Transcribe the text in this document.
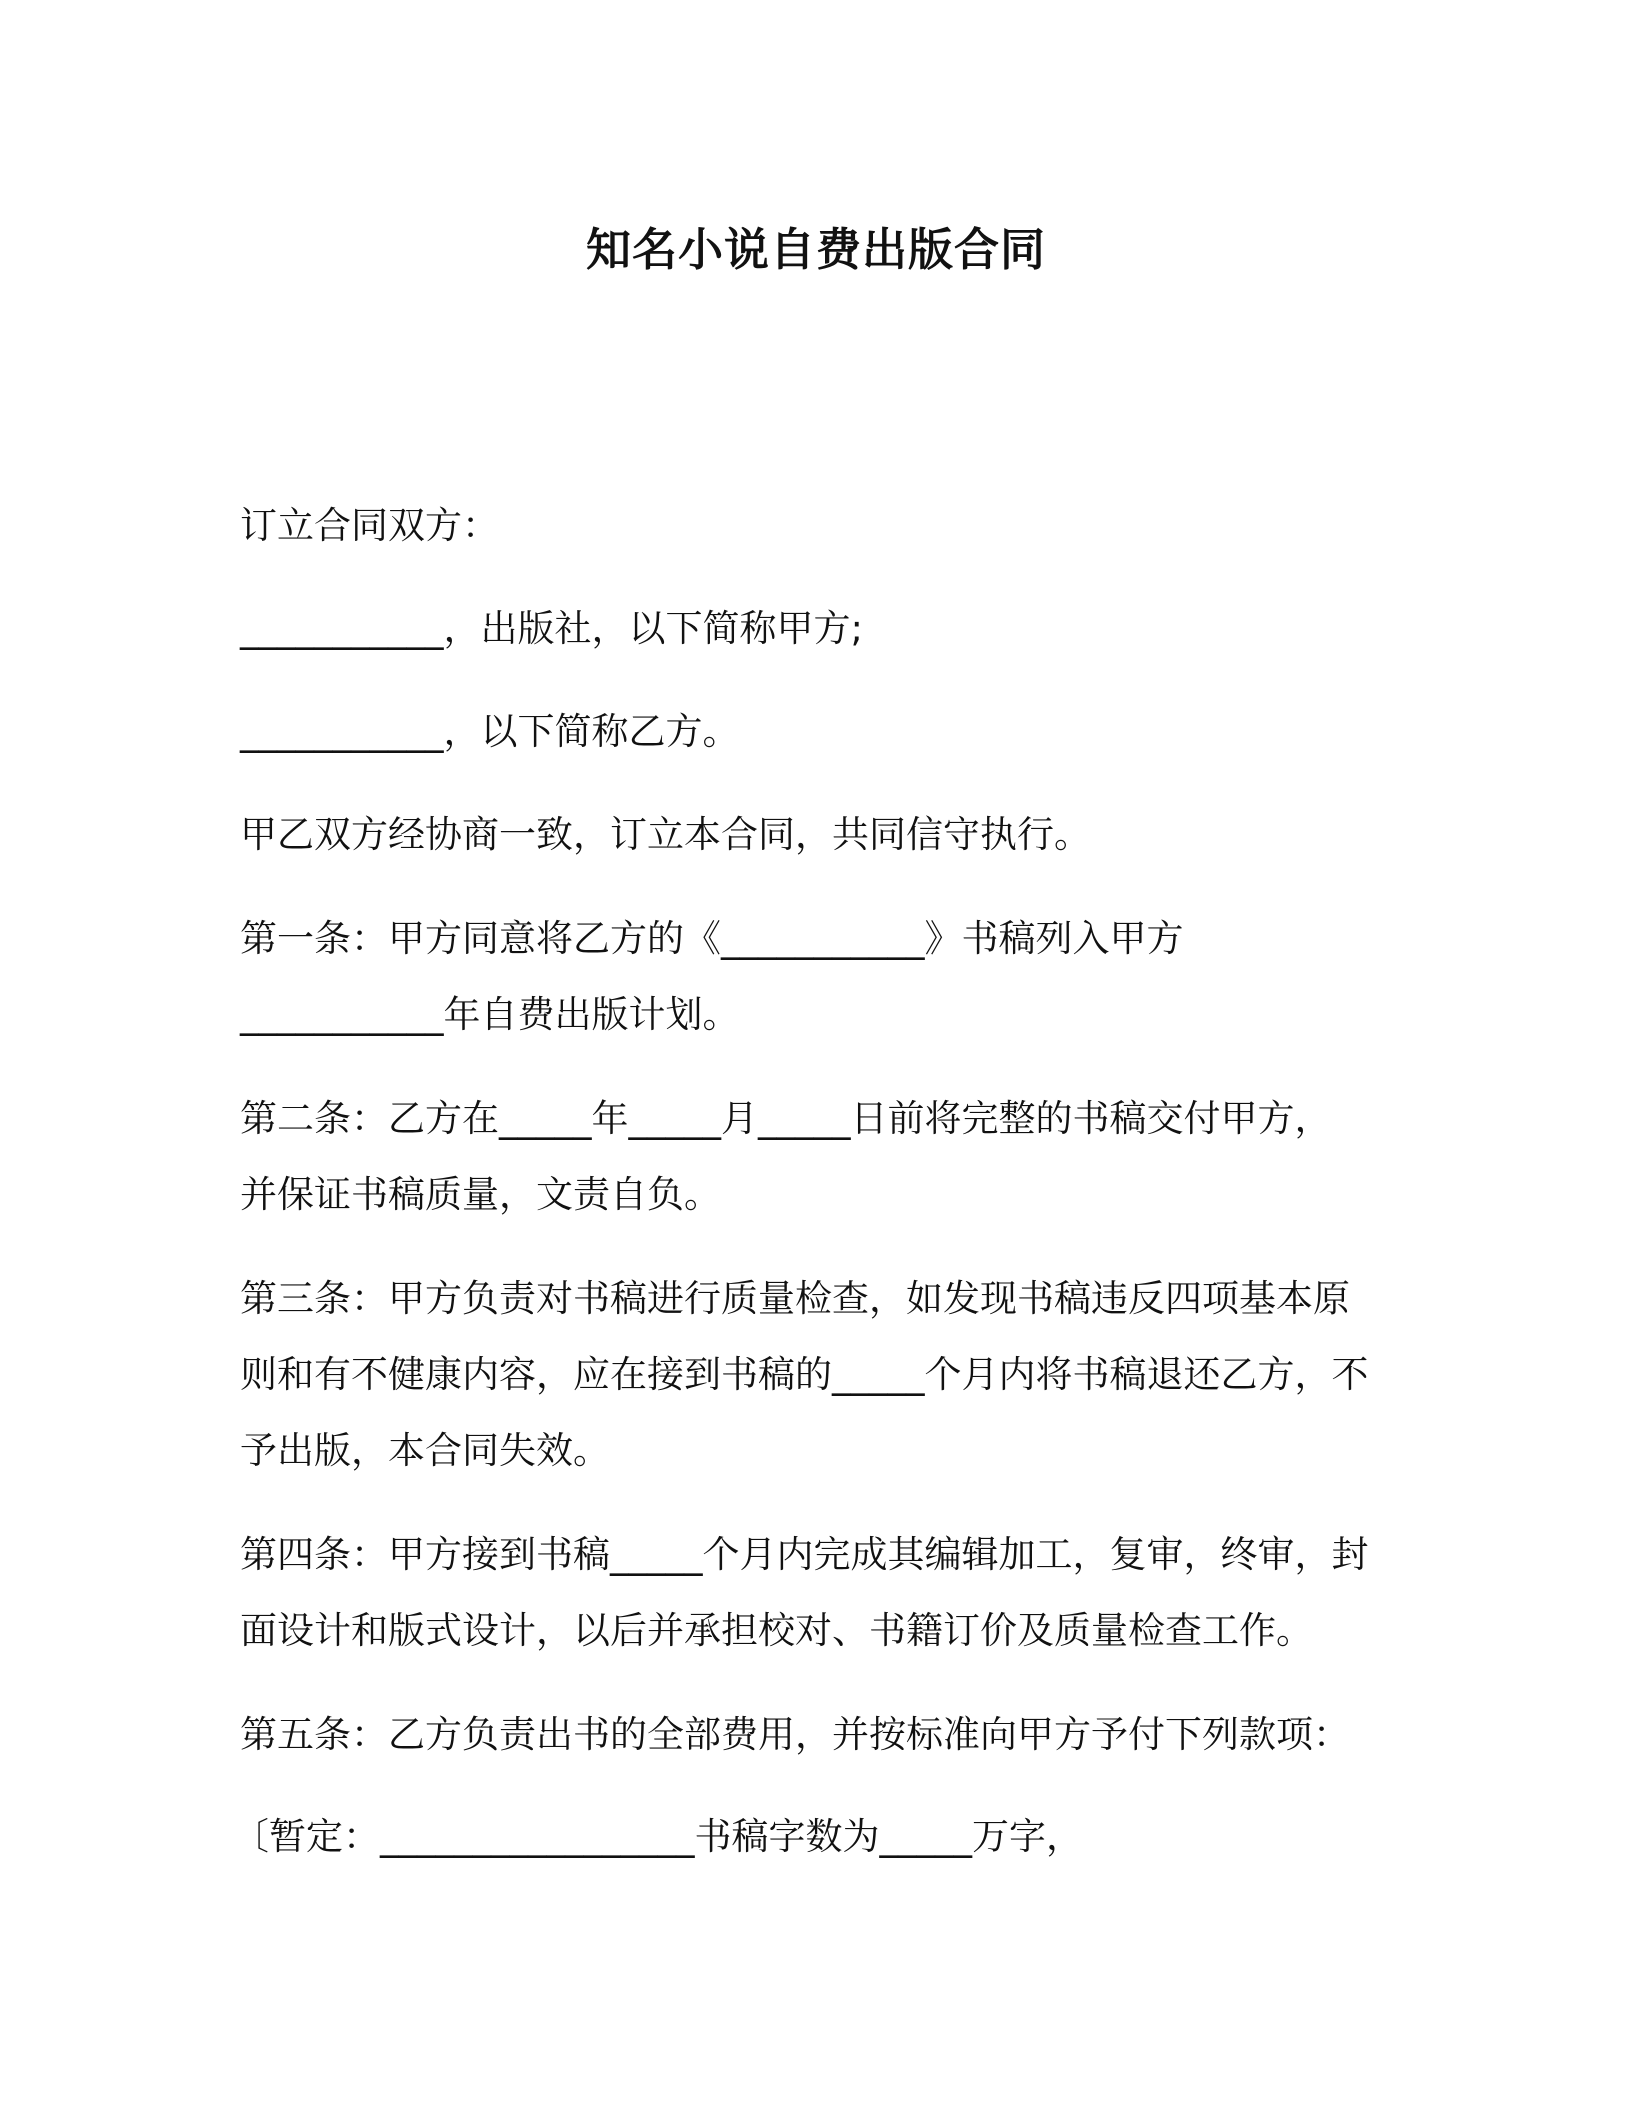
知名小说自费出版合同
订立合同双方：
___________，出版社，以下简称甲方;
___________，以下简称乙方。
甲乙双方经协商一致，订立本合同，共同信守执行。
第一条：甲方同意将乙方的《___________》书稿列入甲方
___________年自费出版计划。
第二条：乙方在_____年_____月_____日前将完整的书稿交付甲方，
并保证书稿质量，文责自负。
第三条：甲方负责对书稿进行质量检查，如发现书稿违反四项基本原
则和有不健康内容，应在接到书稿的_____个月内将书稿退还乙方，不
予出版，本合同失效。
第四条：甲方接到书稿_____个月内完成其编辑加工，复审，终审，封
面设计和版式设计，以后并承担校对、书籍订价及质量检查工作。
第五条：乙方负责出书的全部费用，并按标准向甲方予付下列款项：
〔暂定：_________________书稿字数为_____万字，
